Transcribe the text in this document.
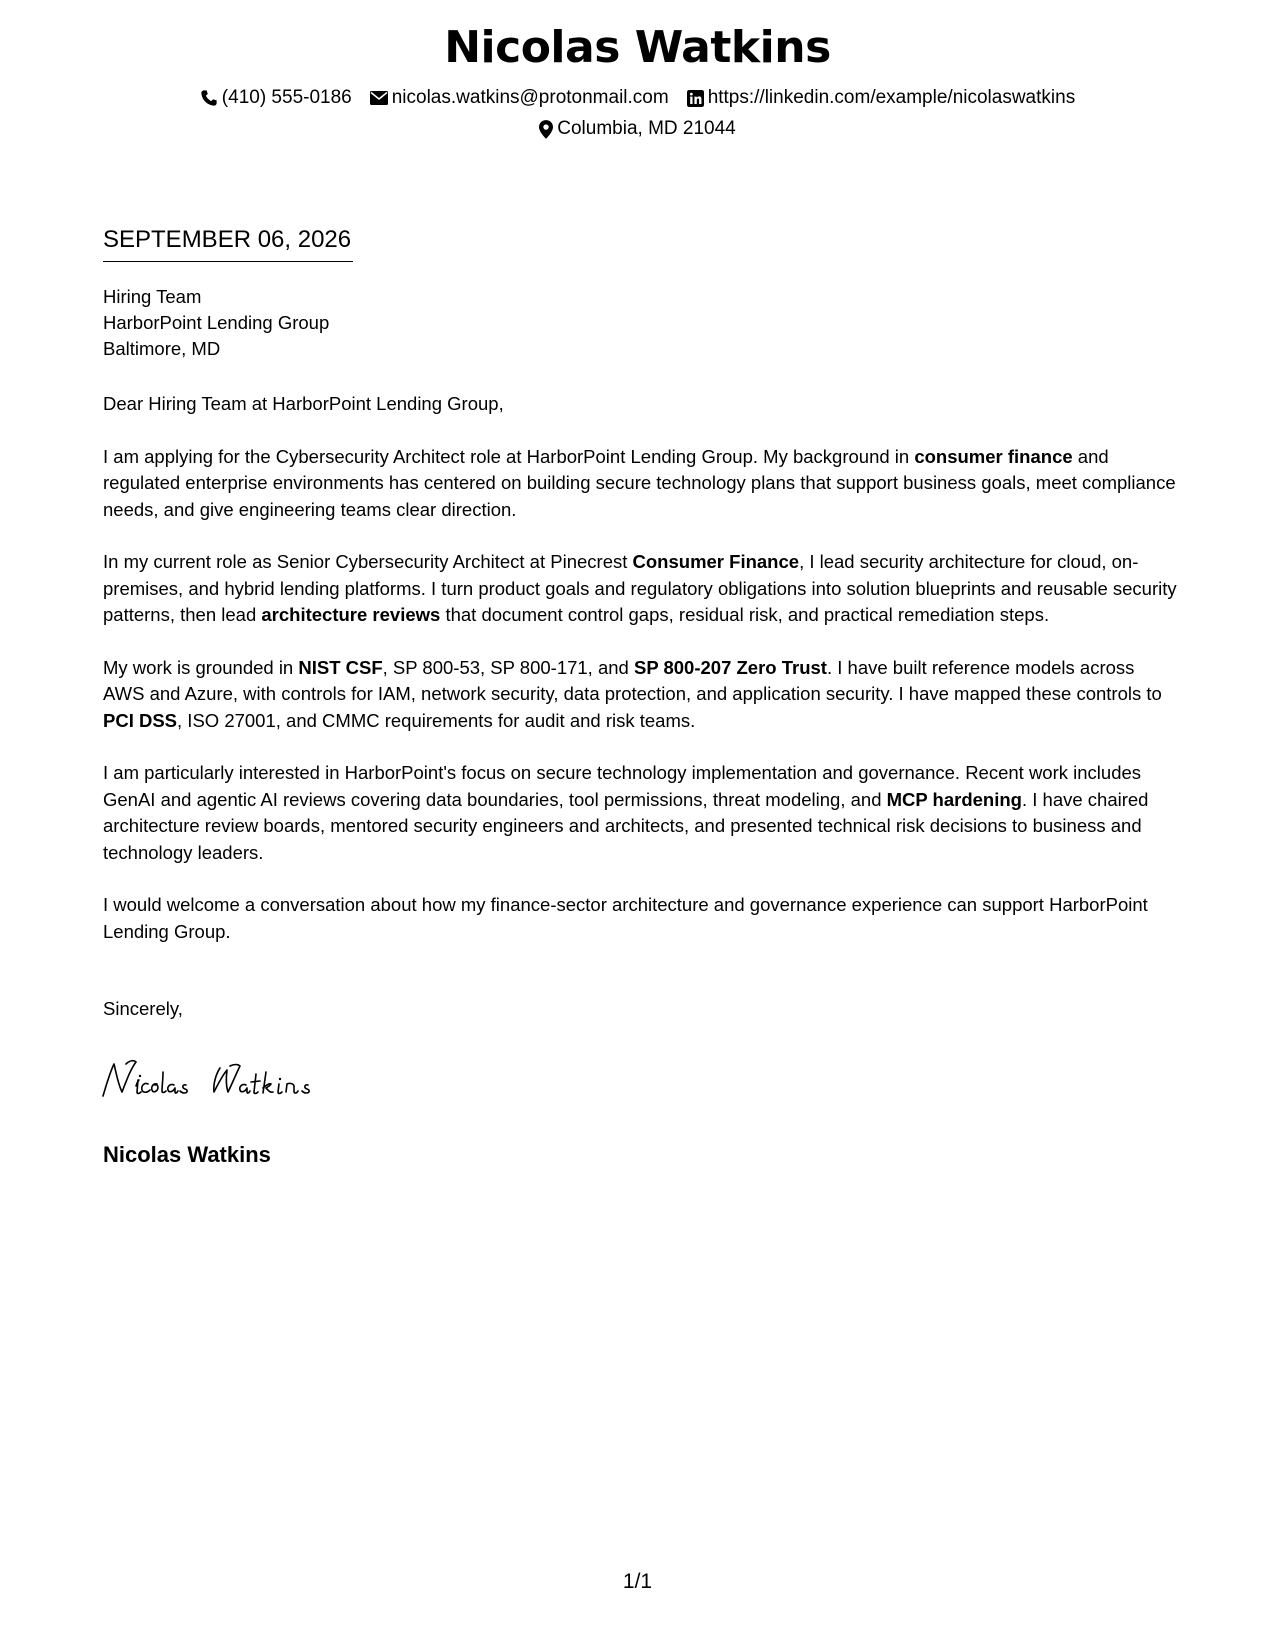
Nicolas Watkins
(410) 555-0186 nicolas.watkins@protonmail.com https://linkedin.com/example/nicolaswatkins
Columbia, MD 21044
SEPTEMBER 06, 2026
Hiring Team
HarborPoint Lending Group
Baltimore, MD

Dear Hiring Team at HarborPoint Lending Group,

I am applying for the Cybersecurity Architect role at HarborPoint Lending Group. My background in consumer finance and regulated enterprise environments has centered on building secure technology plans that support business goals, meet compliance needs, and give engineering teams clear direction.

In my current role as Senior Cybersecurity Architect at Pinecrest Consumer Finance, I lead security architecture for cloud, on-premises, and hybrid lending platforms. I turn product goals and regulatory obligations into solution blueprints and reusable security patterns, then lead architecture reviews that document control gaps, residual risk, and practical remediation steps.

My work is grounded in NIST CSF, SP 800-53, SP 800-171, and SP 800-207 Zero Trust. I have built reference models across AWS and Azure, with controls for IAM, network security, data protection, and application security. I have mapped these controls to PCI DSS, ISO 27001, and CMMC requirements for audit and risk teams.

I am particularly interested in HarborPoint's focus on secure technology implementation and governance. Recent work includes GenAI and agentic AI reviews covering data boundaries, tool permissions, threat modeling, and MCP hardening. I have chaired architecture review boards, mentored security engineers and architects, and presented technical risk decisions to business and technology leaders.

I would welcome a conversation about how my finance-sector architecture and governance experience can support HarborPoint Lending Group.

Sincerely,
Nicolas Watkins
1/1
